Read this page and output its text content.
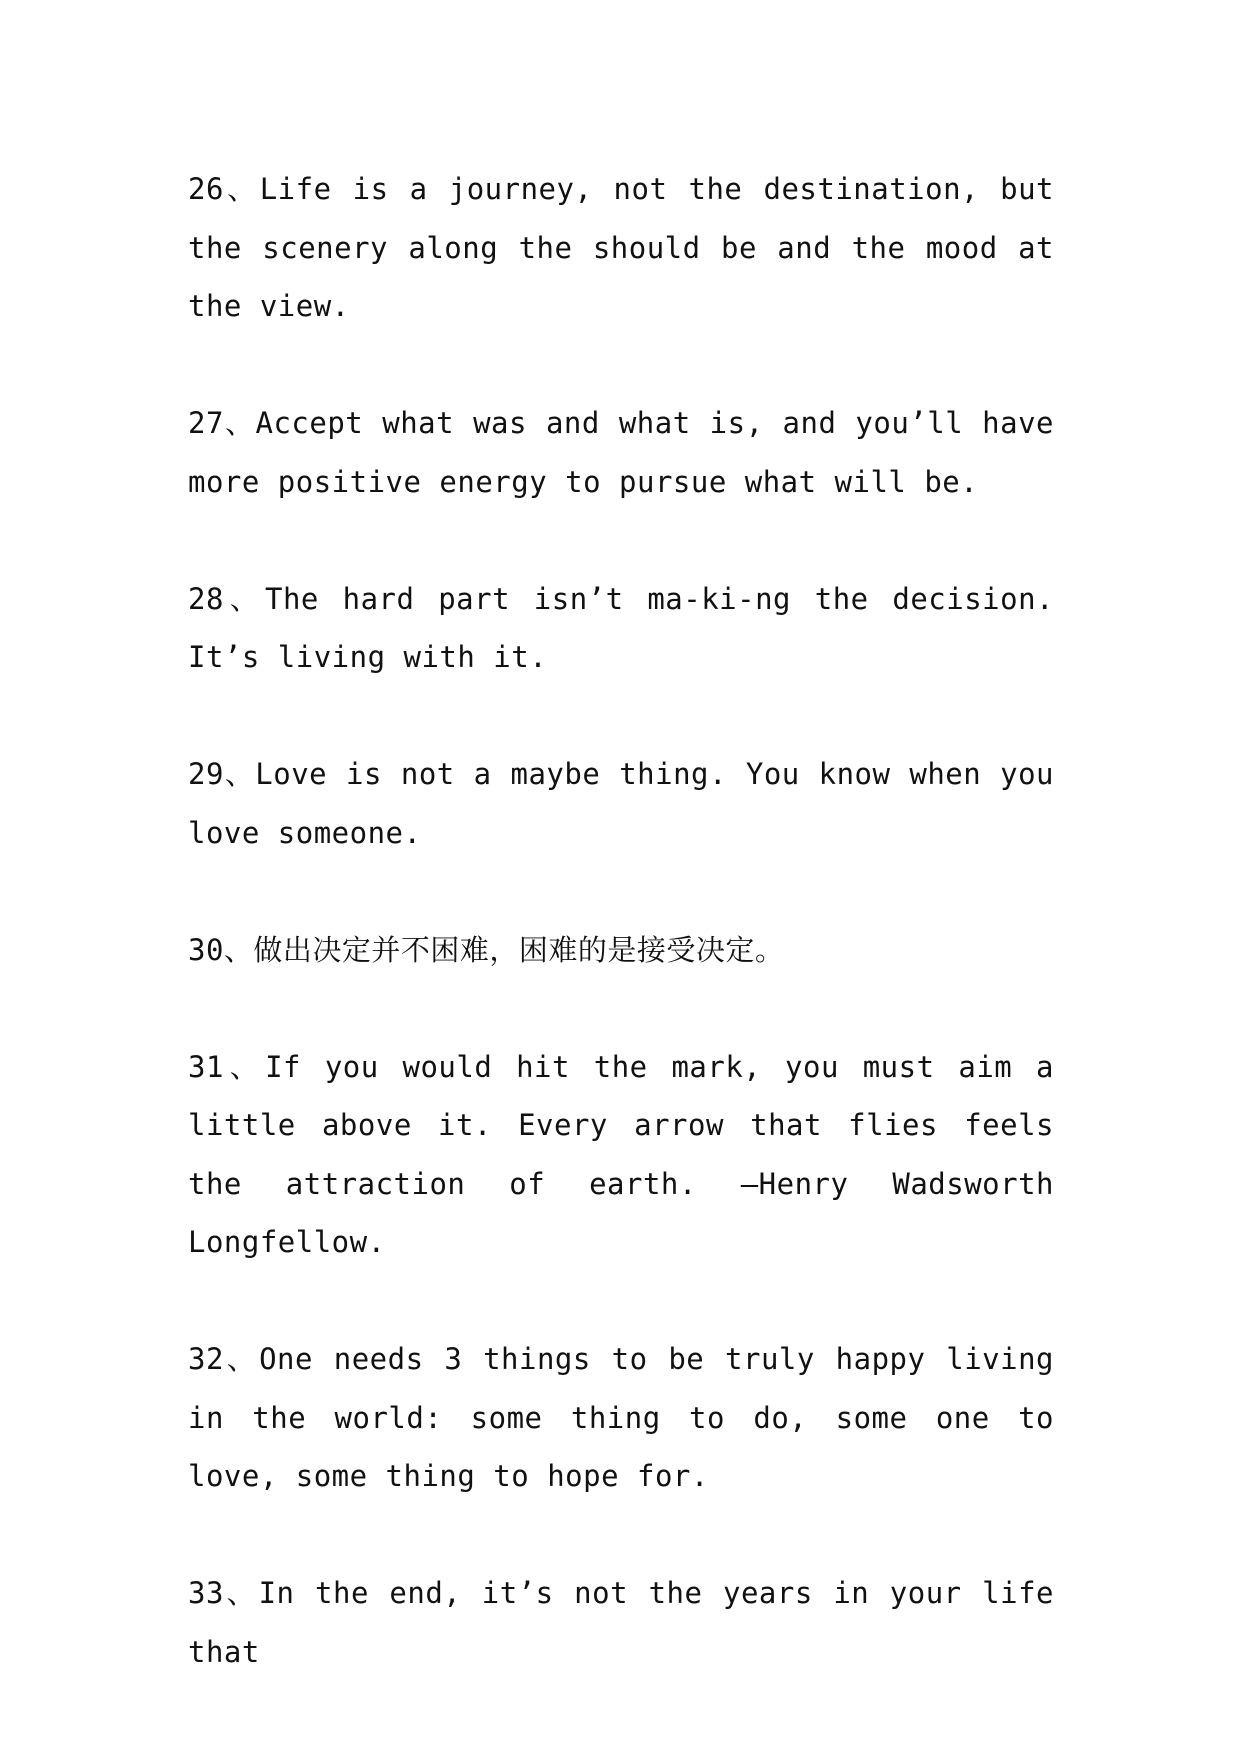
26、Life is a journey, not the destination, but the scenery along the should be and the mood at the view.

27、Accept what was and what is, and you’ll have more positive energy to pursue what will be.

28、The hard part isn’t ma-ki-ng the decision. It’s living with it.

29、Love is not a maybe thing. You know when you love someone.

30、做出决定并不困难，困难的是接受决定。

31、If you would hit the mark, you must aim a little above it. Every arrow that flies feels the attraction of earth. —Henry Wadsworth Longfellow.

32、One needs 3 things to be truly happy living in the world: some thing to do, some one to love, some thing to hope for.

33、In the end, it’s not the years in your life that
